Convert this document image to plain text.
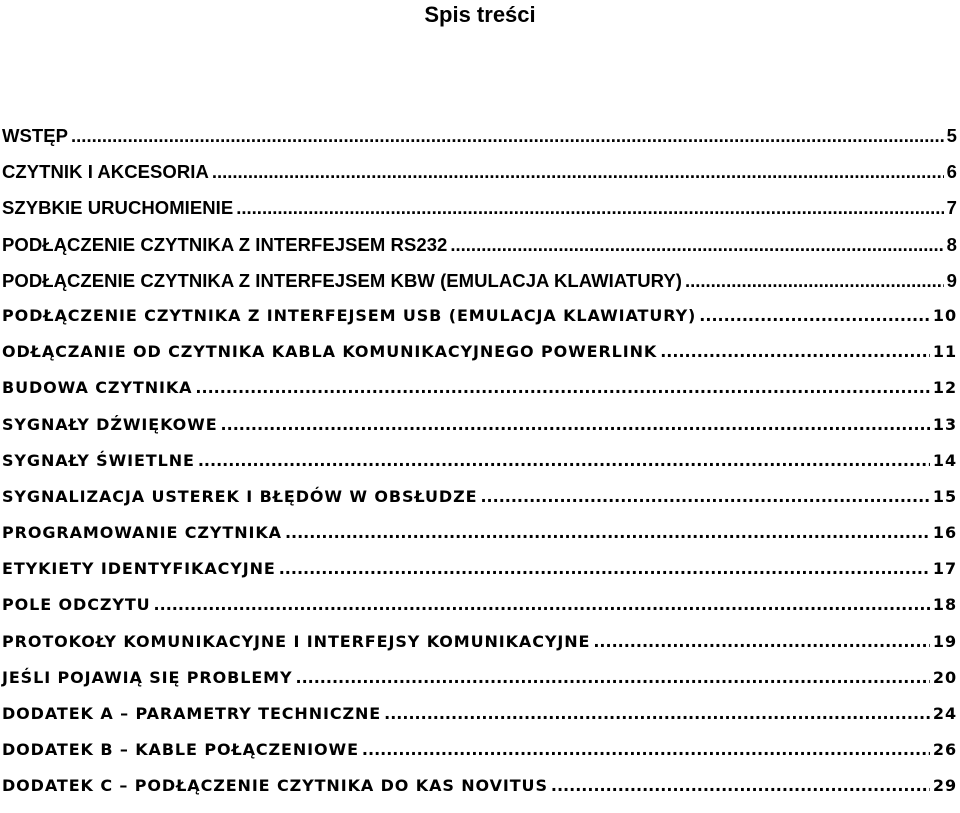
Spis treści
WSTĘP .....	5
CZYTNIK I AKCESORIA .....	6
SZYBKIE URUCHOMIENIE .....	7
PODŁĄCZENIE CZYTNIKA Z INTERFEJSEM RS232 .....	8
PODŁĄCZENIE CZYTNIKA Z INTERFEJSEM KBW (EMULACJA KLAWIATURY) .....	9
PODŁĄCZENIE CZYTNIKA Z INTERFEJSEM USB (EMULACJA KLAWIATURY) .....	10
ODŁĄCZANIE OD CZYTNIKA KABLA KOMUNIKACYJNEGO POWERLINK .....	11
BUDOWA CZYTNIKA .....	12
SYGNAŁY DŹWIĘKOWE .....	13
SYGNAŁY ŚWIETLNE .....	14
SYGNALIZACJA USTEREK I BŁĘDÓW W OBSŁUDZE .....	15
PROGRAMOWANIE CZYTNIKA .....	16
ETYKIETY IDENTYFIKACYJNE .....	17
POLE ODCZYTU .....	18
PROTOKOŁY KOMUNIKACYJNE I INTERFEJSY KOMUNIKACYJNE .....	19
JEŚLI POJAWIĄ SIĘ PROBLEMY .....	20
DODATEK A – PARAMETRY TECHNICZNE .....	24
DODATEK B – KABLE POŁĄCZENIOWE .....	26
DODATEK C – PODŁĄCZENIE CZYTNIKA DO KAS NOVITUS .....	29
